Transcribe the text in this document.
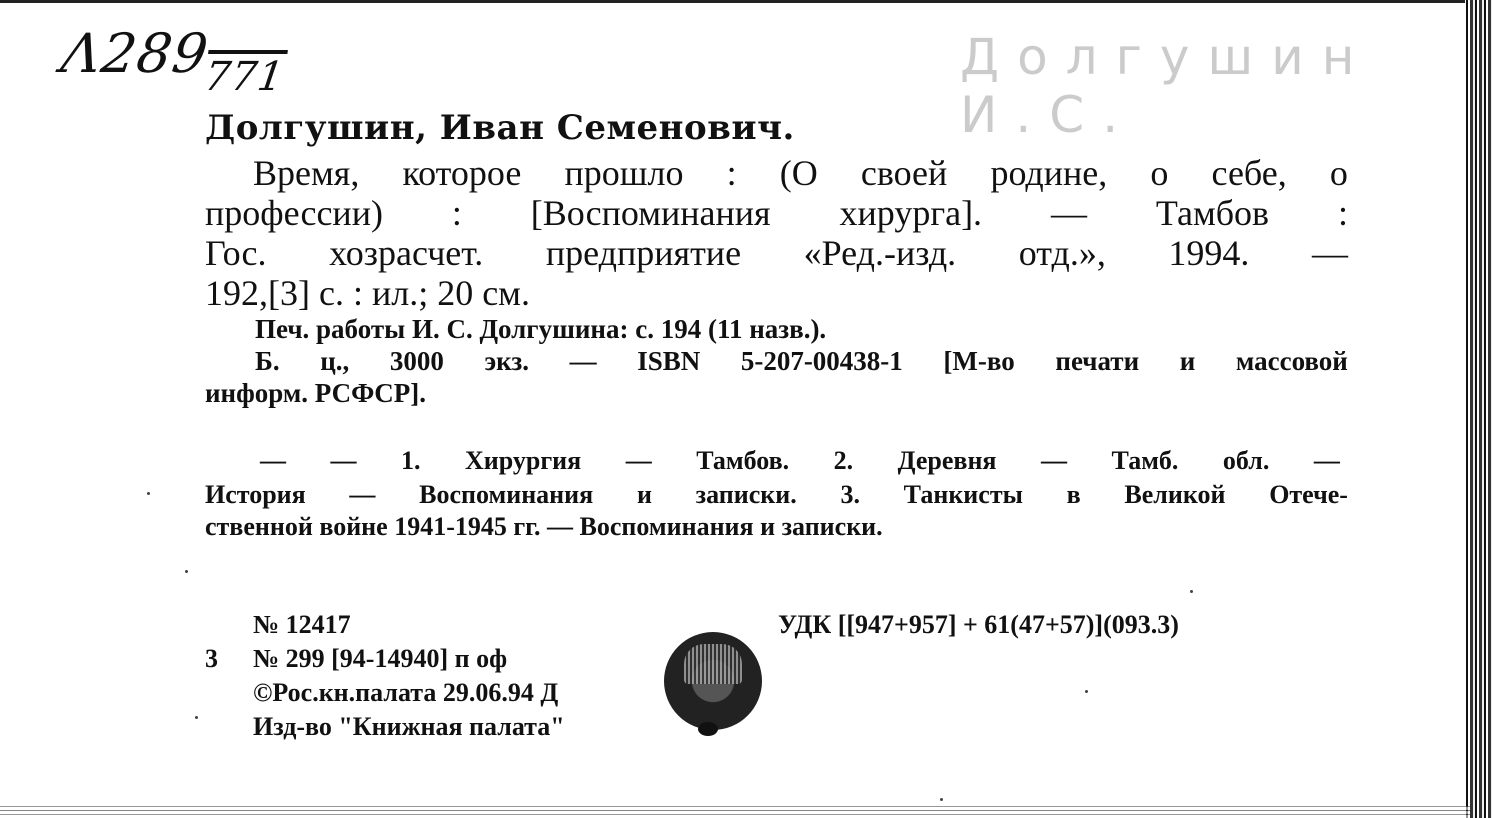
$\Lambda 289_{771}$	Долгушин И.С.
Долгушин, Иван Семенович.
Время, которое прошло : (О своей родине, о себе, о
профессии) : [Воспоминания хирурга]. — Тамбов :
Гос. хозрасчет. предприятие «Ред.-изд. отд.», 1994. —
192,[3] с. : ил.; 20 см.
Печ. работы И. С. Долгушина: с. 194 (11 назв.).
Б. ц., 3000 экз. — ISBN 5-207-00438-1 [М-во печати и массовой
информ. РСФСР].
— — 1. Хирургия — Тамбов. 2. Деревня — Тамб. обл. —
История — Воспоминания и записки. 3. Танкисты в Великой Отече-
ственной войне 1941-1945 гг. — Воспоминания и записки.
№ 12417
3 № 299 [94-14940] п оф
©Рос.кн.палата 29.06.94 Д
Изд-во "Книжная палата"
УДК [[947+957] + 61(47+57)](093.3)
